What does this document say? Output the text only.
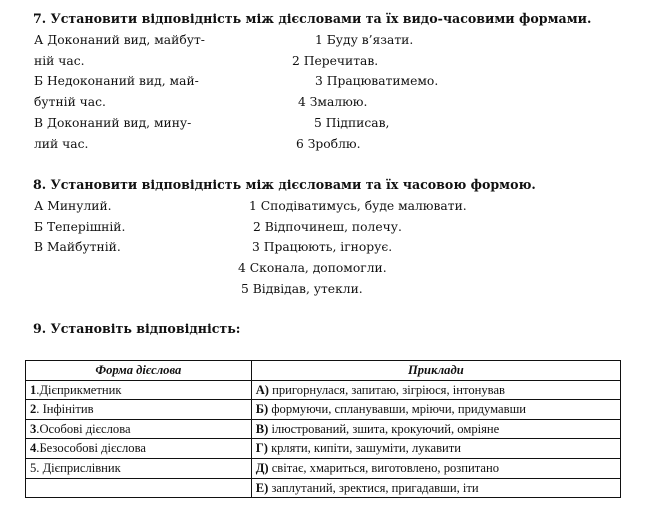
7. Установити відповідність між дієсловами та їх видо-часовими формами.
А Доконаний вид, майбут-
ній час.
Б Недоконаний вид, май-
бутній час.
В Доконаний вид, мину-
лий час.
1 Буду в’язати.
2 Перечитав.
3 Працюватимемо.
4 Змалюю.
5 Підписав,
6 Зроблю.
8. Установити відповідність між дієсловами та їх часовою формою.
А Минулий.
Б Теперішній.
В Майбутній.
1 Сподіватимусь, буде малювати.
2 Відпочинеш, полечу.
3 Працюють, ігнорує.
4 Сконала, допомогли.
5 Відвідав, утекли.
9. Установіть відповідність:
Форма дієслова	Приклади
1.Дієприкметник	А) пригорнулася, запитаю, зігріюся, інтонував
2. Інфінітив	Б) формуючи, спланувавши, мріючи, придумавши
3.Особові дієслова	В) ілюстрований, зшита, крокуючий, омріяне
4.Безособові дієслова	Г) крляти, кипіти, зашуміти, лукавити
5. Дієприслівник	Д) світає, хмариться, виготовлено, розпитано
	Е) заплутаний, зректися, пригадавши, іти
